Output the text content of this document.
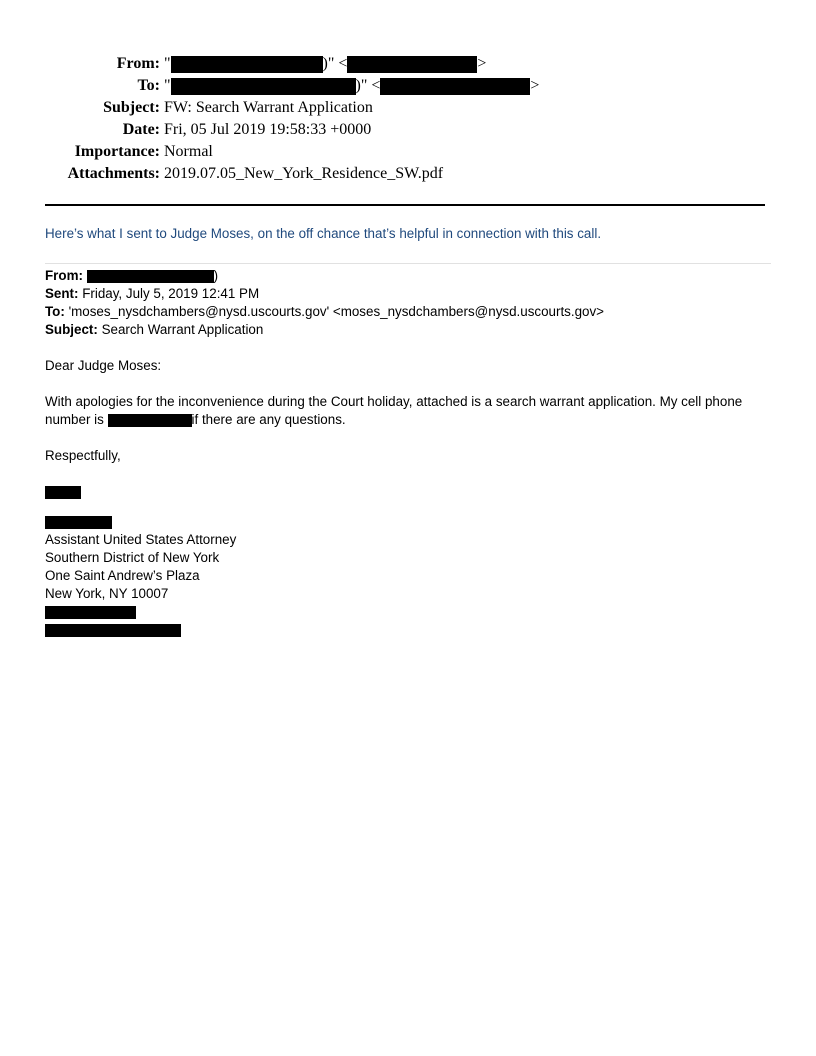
From: "	)" <	>
To: "	)" <	>
Subject: FW: Search Warrant Application
Date: Fri, 05 Jul 2019 19:58:33 +0000
Importance: Normal
Attachments: 2019.07.05_New_York_Residence_SW.pdf
Here’s what I sent to Judge Moses, on the off chance that’s helpful in connection with this call.
From:
	)
Sent:
Friday, July 5, 2019 12:41 PM
To:
'moses_nysdchambers@nysd.uscourts.gov' <moses_nysdchambers@nysd.uscourts.gov>
Subject:
Search Warrant Application
Dear Judge Moses:
With apologies for the inconvenience during the Court holiday, attached is a search warrant application. My cell phone
number is
	if there are any questions.
Respectfully,
Assistant United States Attorney
Southern District of New York
One Saint Andrew’s Plaza
New York, NY 10007
